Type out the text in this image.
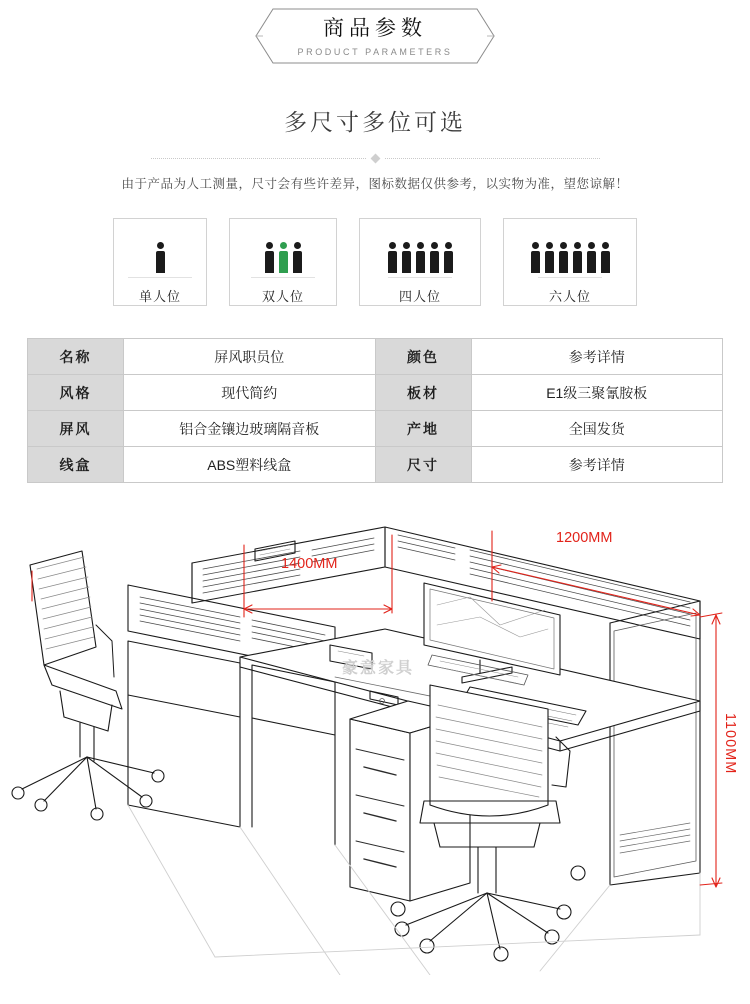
商品参数
PRODUCT PARAMETERS
多尺寸多位可选
由于产品为人工测量，尺寸会有些许差异，图标数据仅供参考，以实物为准，望您谅解！
单人位	双人位	四人位	六人位
名称	屏风职员位	颜色	参考详情
风格	现代简约	板材	E1级三聚氰胺板
屏风	铝合金镶边玻璃隔音板	产地	全国发货
线盒	ABS塑料线盒	尺寸	参考详情
1400MM
1200MM
1100MM
豪意家具
